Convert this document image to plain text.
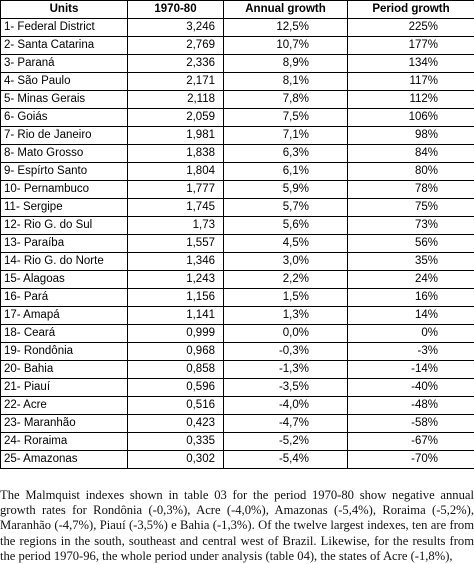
Units	1970-80	Annual growth	Period growth
1- Federal District	3,246	12,5%	225%
2- Santa Catarina	2,769	10,7%	177%
3- Paraná	2,336	8,9%	134%
4- São Paulo	2,171	8,1%	117%
5- Minas Gerais	2,118	7,8%	112%
6- Goiás	2,059	7,5%	106%
7- Rio de Janeiro	1,981	7,1%	98%
8- Mato Grosso	1,838	6,3%	84%
9- Espírto Santo	1,804	6,1%	80%
10- Pernambuco	1,777	5,9%	78%
11- Sergipe	1,745	5,7%	75%
12- Rio G. do Sul	1,73	5,6%	73%
13- Paraíba	1,557	4,5%	56%
14- Rio G. do Norte	1,346	3,0%	35%
15- Alagoas	1,243	2,2%	24%
16- Pará	1,156	1,5%	16%
17- Amapá	1,141	1,3%	14%
18- Ceará	0,999	0,0%	0%
19- Rondônia	0,968	-0,3%	-3%
20- Bahia	0,858	-1,3%	-14%
21- Piauí	0,596	-3,5%	-40%
22- Acre	0,516	-4,0%	-48%
23- Maranhão	0,423	-4,7%	-58%
24- Roraima	0,335	-5,2%	-67%
25- Amazonas	0,302	-5,4%	-70%

The Malmquist indexes shown in table 03 for the period 1970-80 show negative annual growth rates for Rondônia (-0,3%), Acre (-4,0%), Amazonas (-5,4%), Roraima (-5,2%), Maranhão (-4,7%), Piauí (-3,5%) e Bahia (-1,3%). Of the twelve largest indexes, ten are from the regions in the south, southeast and central west of Brazil. Likewise, for the results from the period 1970-96, the whole period under analysis (table 04), the states of Acre (-1,8%),
